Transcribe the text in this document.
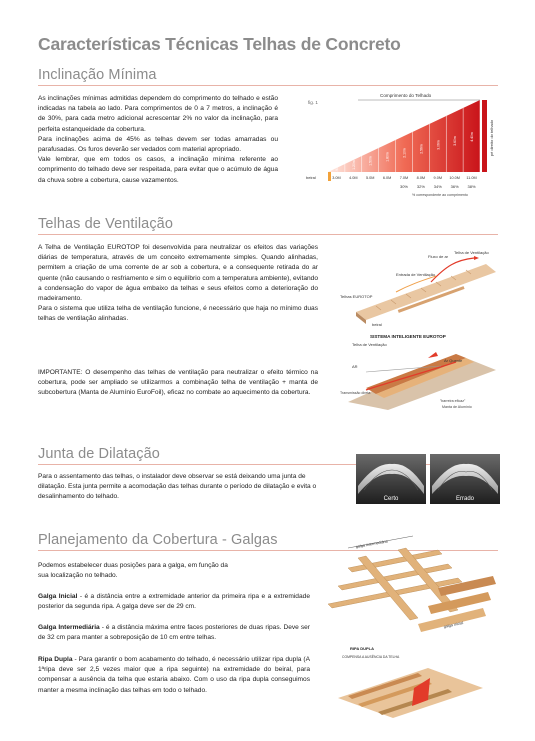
Características Técnicas Telhas de Concreto
Inclinação Mínima

As inclinações mínimas admitidas dependem do comprimento do telhado e estão indicadas na tabela ao lado. Para comprimentos de 0 a 7 metros, a inclinação é de 30%, para cada metro adicional acrescentar 2% no valor da inclinação, para perfeita estanqueidade da cobertura.

Para inclinações acima de 45% as telhas devem ser todas amarradas ou parafusadas. Os furos deverão ser vedados com material apropriado.

Vale lembrar, que em todos os casos, a inclinação mínima referente ao comprimento do telhado deve ser respeitada, para evitar que o acúmulo de água da chuva sobre a cobertura, cause vazamentos.

Comprimento do Telhado
fig. 1
0.90m	1.20m	1.50m	1.80m	2.10m	2.56m	3.06m	3.60m	4.40m	pé direito do telhado
beiral	3.0M 4.0M 5.0M 6.0M 7.0M 8.0M 9.0M 10.0M 11.0M
30% 32% 34% 36% 38%
% correspondente ao comprimento
Telhas de Ventilação

A Telha de Ventilação EUROTOP foi desenvolvida para neutralizar os efeitos das variações diárias de temperatura, através de um conceito extremamente simples. Quando alinhadas, permitem a criação de uma corrente de ar sob a cobertura, e a consequente retirada do ar quente (não causando o resfriamento e sim o equilíbrio com a temperatura ambiente), evitando a condensação do vapor de água embaixo da telhas e seus efeitos como a deterioração do madeiramento.

Para o sistema que utiliza telha de ventilação funcione, é necessário que haja no mínimo duas telhas de ventilação alinhadas.

IMPORTANTE: O desempenho das telhas de ventilação para neutralizar o efeito térmico na cobertura, pode ser ampliado se utilizarmos a combinação telha de ventilação + manta de subcobertura (Manta de Alumínio EuroFoil), eficaz no combate ao aquecimento da cobertura.
Telha de Ventilação
Fluxo de ar
Entrada de Ventilação
Telhas EUROTOP
beiral
SISTEMA INTELIGENTE EUROTOP
Telha de Ventilação
AR
Ar Quente
Transmissão direta
"barreira eficaz"
Manta de Alumínio
Junta de Dilatação
Para o assentamento das telhas, o instalador deve observar se está deixando uma junta de dilatação. Esta junta permite a acomodação das telhas durante o período de dilatação e evita o desalinhamento do telhado.	Certo	Errado
Planejamento da Cobertura - Galgas
Podemos estabelecer duas posições para a galga, em função da sua localização no telhado.
Galga Inicial - é a distância entre a extremidade anterior da primeira ripa e a extremidade posterior da segunda ripa. A galga deve ser de 29 cm.
Galga Intermediária - é a distância máxima entre faces posteriores de duas ripas. Deve ser de 32 cm para manter a sobreposição de 10 cm entre telhas.
Ripa Dupla - Para garantir o bom acabamento do telhado, é necessário utilizar ripa dupla (A 1ªripa deve ser 2,5 vezes maior que a ripa seguinte) na extremidade do beiral, para compensar a ausência da telha que estaria abaixo. Com o uso da ripa dupla conseguimos manter a mesma inclinação das telhas em todo o telhado.
galga intermediária
galga inicial
RIPA DUPLA
COMPENSA A AUSÊNCIA DA TELHA
